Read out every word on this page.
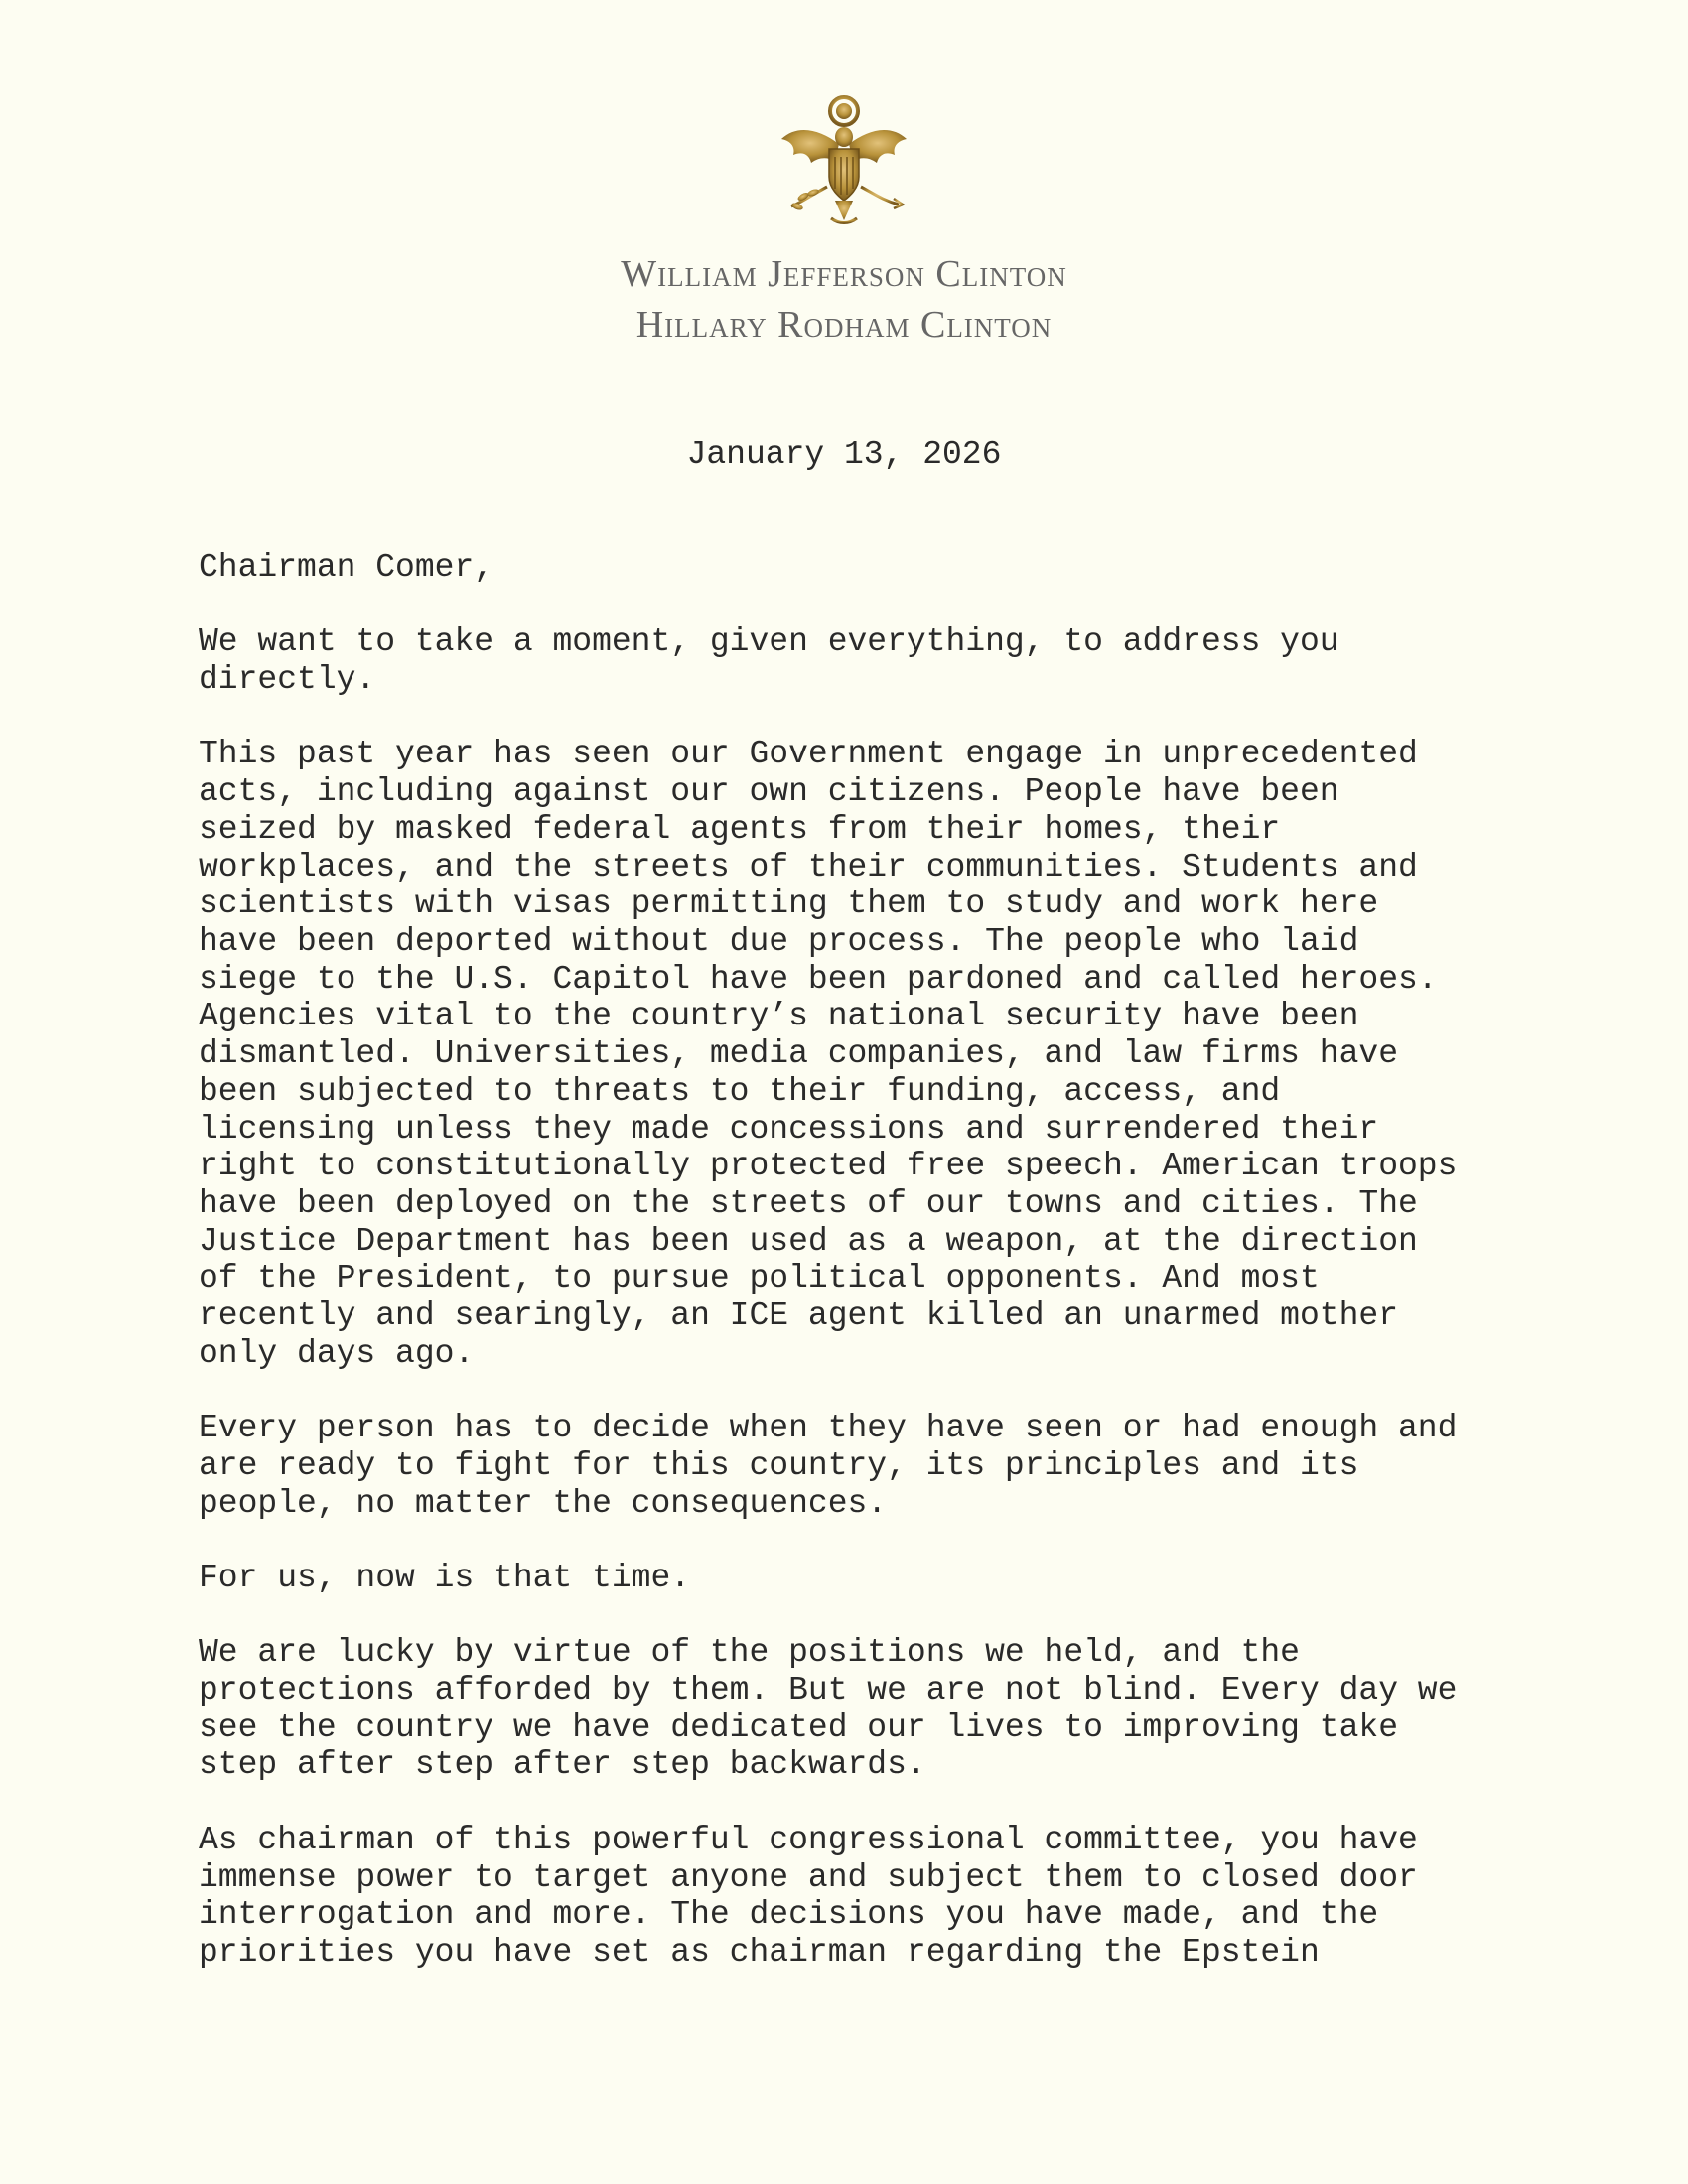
William Jefferson Clinton
Hillary Rodham Clinton
January 13, 2026

Chairman Comer,

We want to take a moment, given everything, to address you
directly.

This past year has seen our Government engage in unprecedented
acts, including against our own citizens. People have been
seized by masked federal agents from their homes, their
workplaces, and the streets of their communities. Students and
scientists with visas permitting them to study and work here
have been deported without due process. The people who laid
siege to the U.S. Capitol have been pardoned and called heroes.
Agencies vital to the country’s national security have been
dismantled. Universities, media companies, and law firms have
been subjected to threats to their funding, access, and
licensing unless they made concessions and surrendered their
right to constitutionally protected free speech. American troops
have been deployed on the streets of our towns and cities. The
Justice Department has been used as a weapon, at the direction
of the President, to pursue political opponents. And most
recently and searingly, an ICE agent killed an unarmed mother
only days ago.

Every person has to decide when they have seen or had enough and
are ready to fight for this country, its principles and its
people, no matter the consequences.

For us, now is that time.

We are lucky by virtue of the positions we held, and the
protections afforded by them. But we are not blind. Every day we
see the country we have dedicated our lives to improving take
step after step after step backwards.

As chairman of this powerful congressional committee, you have
immense power to target anyone and subject them to closed door
interrogation and more. The decisions you have made, and the
priorities you have set as chairman regarding the Epstein
